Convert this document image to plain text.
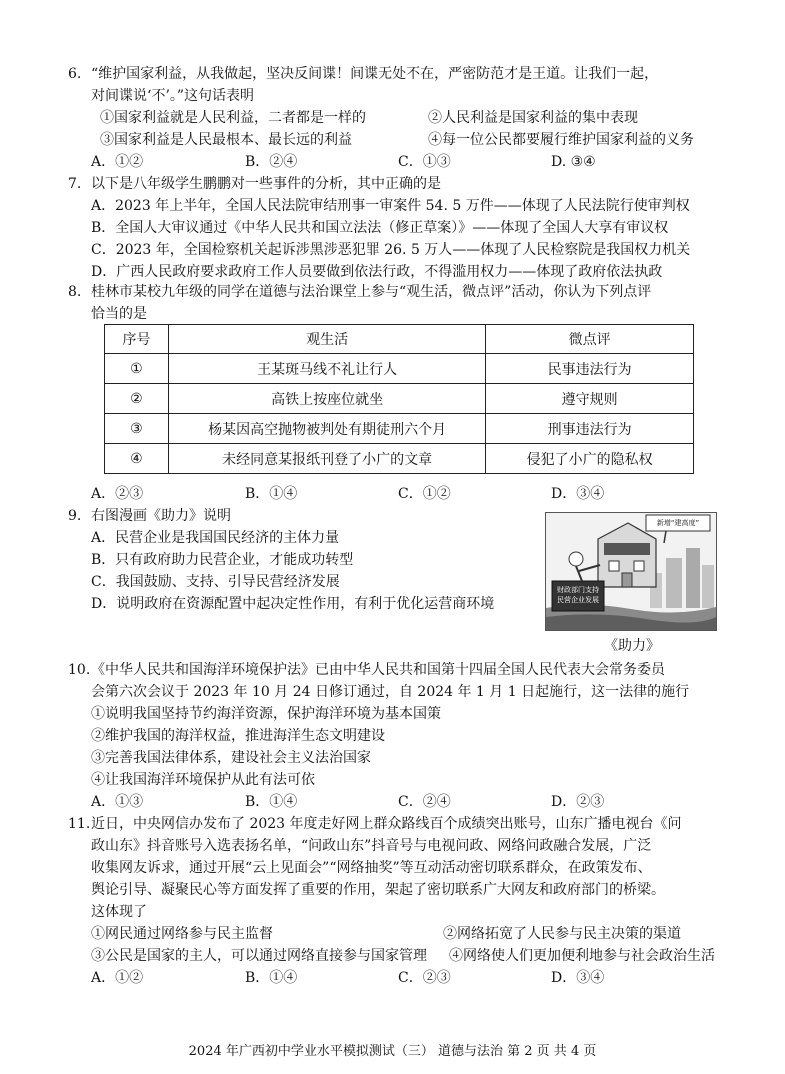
6. “维护国家利益，从我做起，坚决反间谍！间谍无处不在，严密防范才是王道。让我们一起，
对间谍说‘不’。”这句话表明
①国家利益就是人民利益，二者都是一样的	②人民利益是国家利益的集中表现
③国家利益是人民最根本、最长远的利益	④每一位公民都要履行维护国家利益的义务
A．①②	B．②④	C．①③	D. ③④
7. 以下是八年级学生鹏鹏对一些事件的分析，其中正确的是
A．2023 年上半年，全国人民法院审结刑事一审案件 54. 5 万件——体现了人民法院行使审判权
B．全国人大审议通过《中华人民共和国立法法（修正草案）》——体现了全国人大享有审议权
C．2023 年，全国检察机关起诉涉黑涉恶犯罪 26. 5 万人——体现了人民检察院是我国权力机关
D．广西人民政府要求政府工作人员要做到依法行政，不得滥用权力——体现了政府依法执政
8. 桂林市某校九年级的同学在道德与法治课堂上参与“观生活，微点评”活动，你认为下列点评
恰当的是
序号	观生活	微点评
①	王某斑马线不礼让行人	民事违法行为
②	高铁上按座位就坐	遵守规则
③	杨某因高空抛物被判处有期徒刑六个月	刑事违法行为
④	未经同意某报纸刊登了小广的文章	侵犯了小广的隐私权
A．②③	B．①④	C．①②	D．③④
9. 右图漫画《助力》说明
A．民营企业是我国国民经济的主体力量
B．只有政府助力民营企业，才能成功转型
C．我国鼓励、支持、引导民营经济发展
D．说明政府在资源配置中起决定性作用，有利于优化运营商环境
新增“建高度”
财政部门支持民营企业发展
《助力》
10. 《中华人民共和国海洋环境保护法》已由中华人民共和国第十四届全国人民代表大会常务委员
会第六次会议于 2023 年 10 月 24 日修订通过，自 2024 年 1 月 1 日起施行，这一法律的施行
①说明我国坚持节约海洋资源，保护海洋环境为基本国策
②维护我国的海洋权益，推进海洋生态文明建设
③完善我国法律体系，建设社会主义法治国家
④让我国海洋环境保护从此有法可依
A．①③	B．①④	C．②④	D．②③
11. 近日，中央网信办发布了 2023 年度走好网上群众路线百个成绩突出账号，山东广播电视台《问
政山东》抖音账号入选表扬名单，“问政山东”抖音号与电视问政、网络问政融合发展，广泛
收集网友诉求，通过开展“云上见面会”“网络抽奖”等互动活动密切联系群众，在政策发布、
舆论引导、凝聚民心等方面发挥了重要的作用，架起了密切联系广大网友和政府部门的桥梁。
这体现了
①网民通过网络参与民主监督	②网络拓宽了人民参与民主决策的渠道
③公民是国家的主人，可以通过网络直接参与国家管理 ④网络使人们更加便利地参与社会政治生活
A．①②	B．①④	C．②③	D．③④
2024 年广西初中学业水平模拟测试（三） 道德与法治 第 2 页 共 4 页
